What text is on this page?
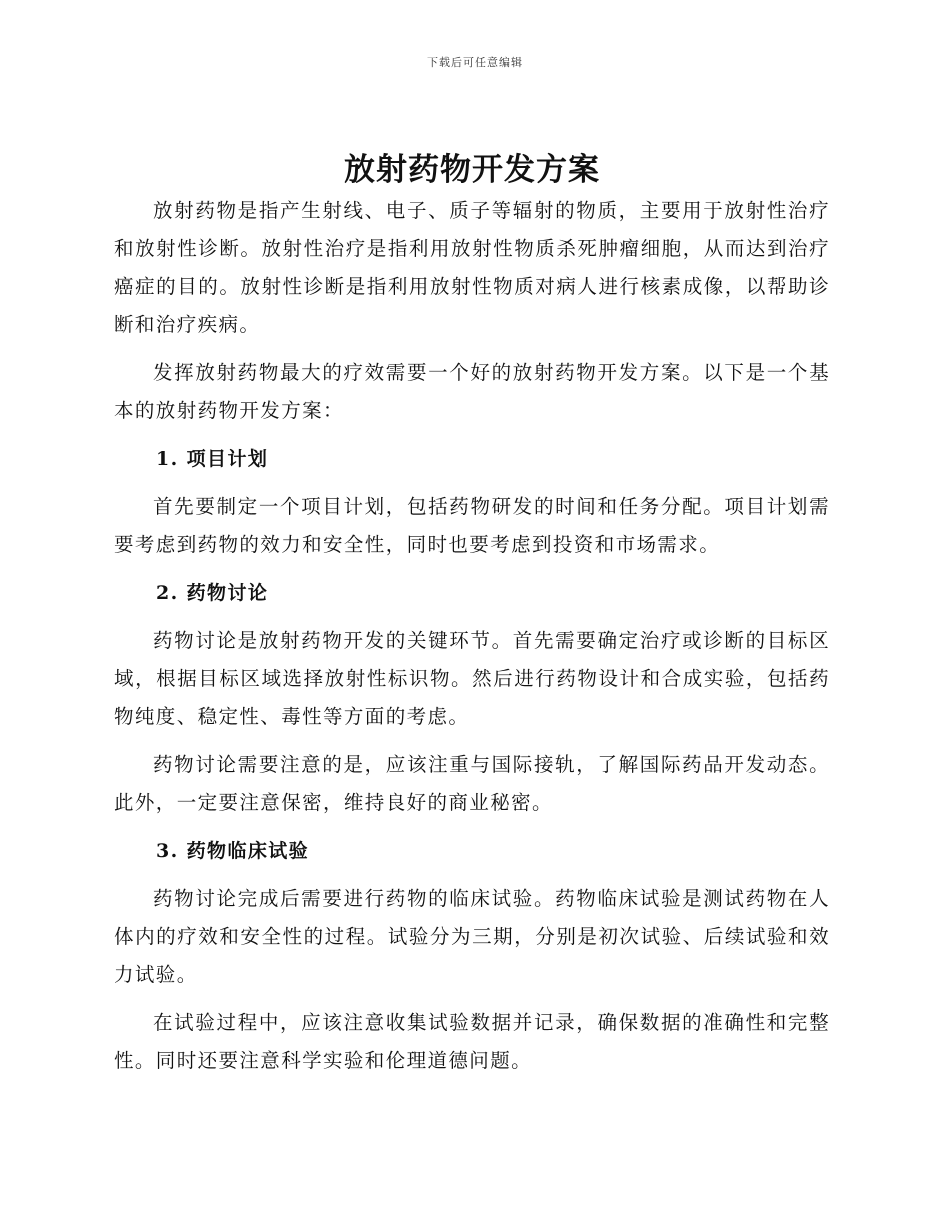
下载后可任意编辑
放射药物开发方案

放射药物是指产生射线、电子、质子等辐射的物质，主要用于放射性治疗和放射性诊断。放射性治疗是指利用放射性物质杀死肿瘤细胞，从而达到治疗癌症的目的。放射性诊断是指利用放射性物质对病人进行核素成像，以帮助诊断和治疗疾病。

发挥放射药物最大的疗效需要一个好的放射药物开发方案。以下是一个基本的放射药物开发方案：

1. 项目计划

首先要制定一个项目计划，包括药物研发的时间和任务分配。项目计划需要考虑到药物的效力和安全性，同时也要考虑到投资和市场需求。

2. 药物讨论

药物讨论是放射药物开发的关键环节。首先需要确定治疗或诊断的目标区域，根据目标区域选择放射性标识物。然后进行药物设计和合成实验，包括药物纯度、稳定性、毒性等方面的考虑。

药物讨论需要注意的是，应该注重与国际接轨，了解国际药品开发动态。此外，一定要注意保密，维持良好的商业秘密。

3. 药物临床试验

药物讨论完成后需要进行药物的临床试验。药物临床试验是测试药物在人体内的疗效和安全性的过程。试验分为三期，分别是初次试验、后续试验和效力试验。

在试验过程中，应该注意收集试验数据并记录，确保数据的准确性和完整性。同时还要注意科学实验和伦理道德问题。
